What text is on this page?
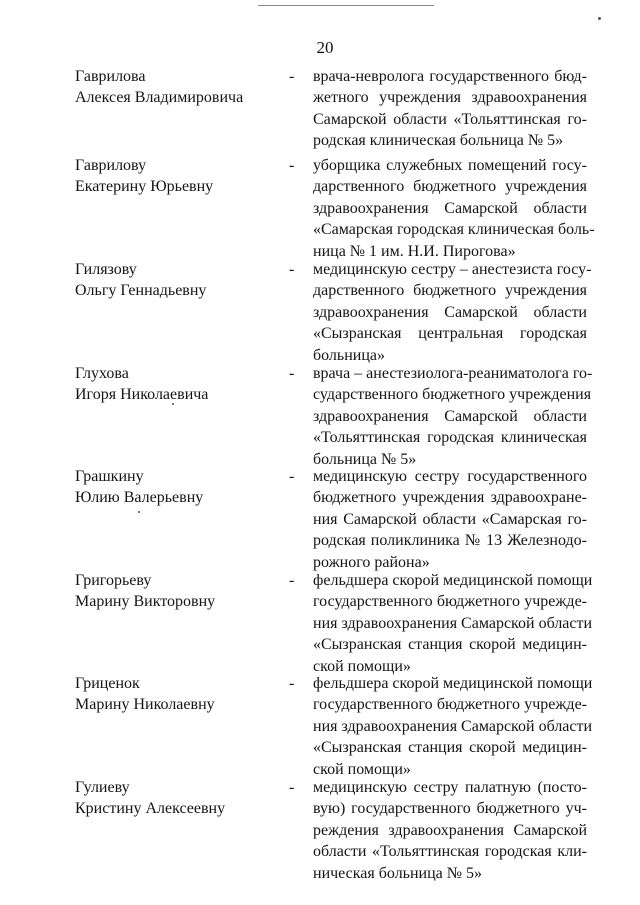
20
Гаврилова
Алексея Владимировича
- врача-невролога государственного бюд-
жетного учреждения здравоохранения
Самарской области «Тольяттинская го-
родская клиническая больница № 5»
Гаврилову
Екатерину Юрьевну
- уборщика служебных помещений госу-
дарственного бюджетного учреждения
здравоохранения Самарской области
«Самарская городская клиническая боль-
ница № 1 им. Н.И. Пирогова»
Гилязову
Ольгу Геннадьевну
- медицинскую сестру – анестезиста госу-
дарственного бюджетного учреждения
здравоохранения Самарской области
«Сызранская центральная городская
больница»
Глухова
Игоря Николаевича
- врача – анестезиолога-реаниматолога го-
сударственного бюджетного учреждения
здравоохранения Самарской области
«Тольяттинская городская клиническая
больница № 5»
Грашкину
Юлию Валерьевну
- медицинскую сестру государственного
бюджетного учреждения здравоохране-
ния Самарской области «Самарская го-
родская поликлиника № 13 Железнодо-
рожного района»
Григорьеву
Марину Викторовну
- фельдшера скорой медицинской помощи
государственного бюджетного учрежде-
ния здравоохранения Самарской области
«Сызранская станция скорой медицин-
ской помощи»
Гриценок
Марину Николаевну
- фельдшера скорой медицинской помощи
государственного бюджетного учрежде-
ния здравоохранения Самарской области
«Сызранская станция скорой медицин-
ской помощи»
Гулиеву
Кристину Алексеевну
- медицинскую сестру палатную (посто-
вую) государственного бюджетного уч-
реждения здравоохранения Самарской
области «Тольяттинская городская кли-
ническая больница № 5»
